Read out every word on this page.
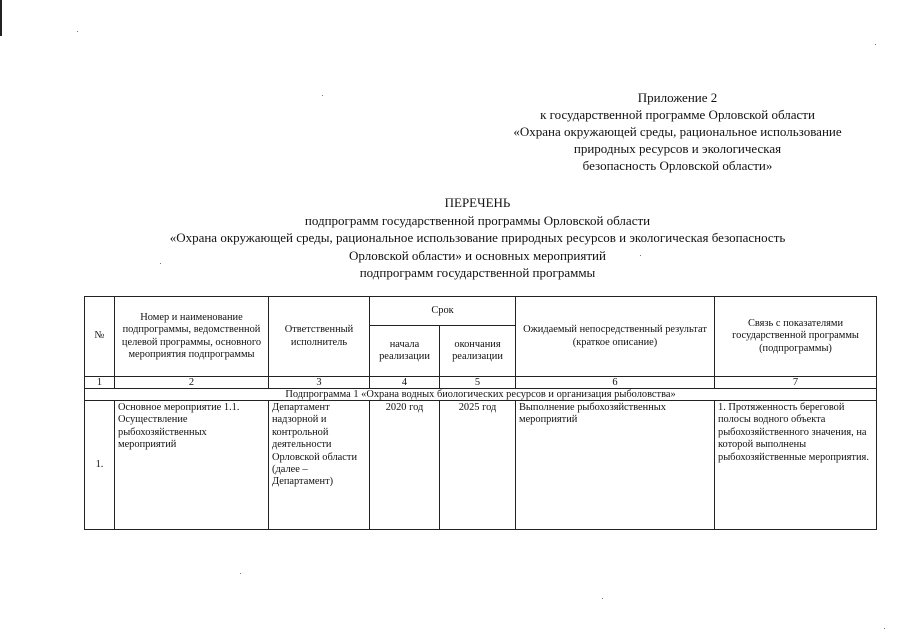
Приложение 2
к государственной программе Орловской области
«Охрана окружающей среды, рациональное использование
природных ресурсов и экологическая
безопасность Орловской области»
ПЕРЕЧЕНЬ
подпрограмм государственной программы Орловской области
«Охрана окружающей среды, рациональное использование природных ресурсов и экологическая безопасность
Орловской области» и основных мероприятий
подпрограмм государственной программы
№	Номер и наименование подпрограммы, ведомственной целевой программы, основного мероприятия подпрограммы	Ответственный исполнитель	Срок		Ожидаемый непосредственный результат (краткое описание)	Связь с показателями государственной программы (подпрограммы)
			начала реализации	окончания реализации		
1	2	3	4	5	6	7
Подпрограмма 1 «Охрана водных биологических ресурсов и организация рыболовства»						
1.	Основное мероприятие 1.1. Осуществление рыбохозяйственных мероприятий	Департамент надзорной и контрольной деятельности Орловской области (далее – Департамент)	2020 год	2025 год	Выполнение рыбохозяйственных мероприятий	1. Протяженность береговой полосы водного объекта рыбохозяйственного значения, на которой выполнены рыбохозяйственные мероприятия.
